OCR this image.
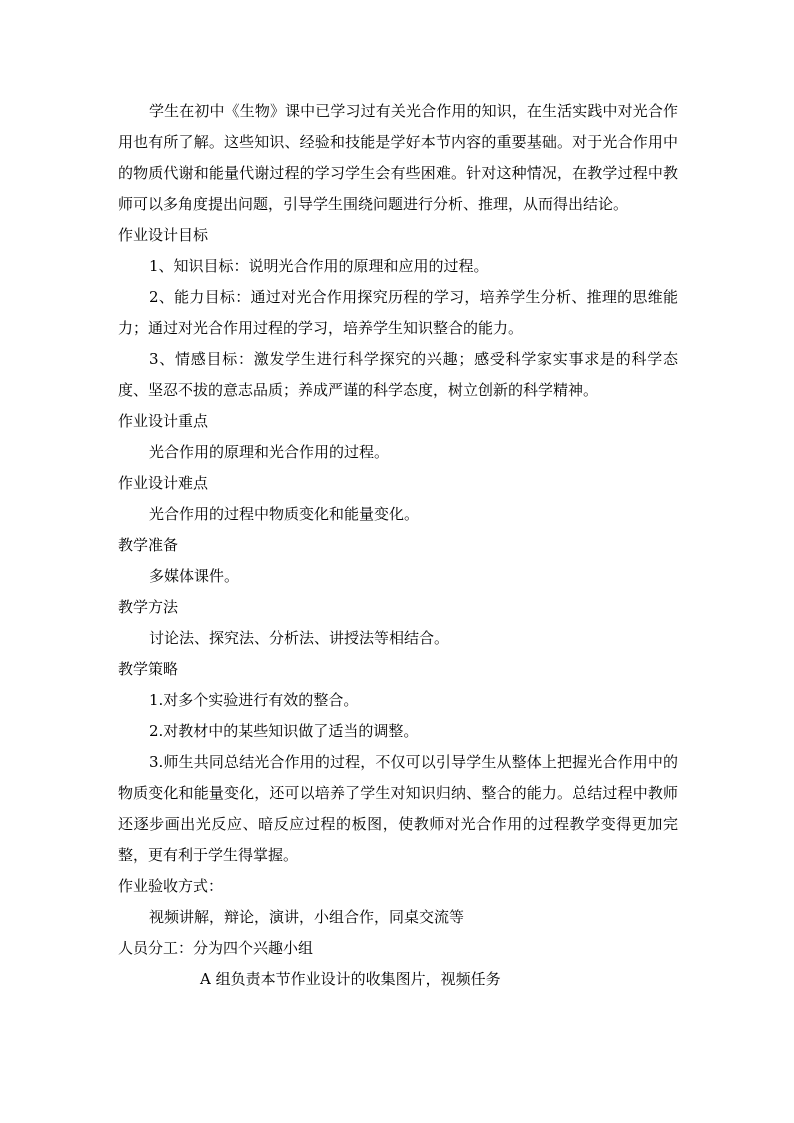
学生在初中《生物》课中已学习过有关光合作用的知识，在生活实践中对光合作用也有所了解。这些知识、经验和技能是学好本节内容的重要基础。对于光合作用中的物质代谢和能量代谢过程的学习学生会有些困难。针对这种情况，在教学过程中教师可以多角度提出问题，引导学生围绕问题进行分析、推理，从而得出结论。

作业设计目标

1、知识目标：说明光合作用的原理和应用的过程。

2、能力目标：通过对光合作用探究历程的学习，培养学生分析、推理的思维能力；通过对光合作用过程的学习，培养学生知识整合的能力。

3、情感目标：激发学生进行科学探究的兴趣；感受科学家实事求是的科学态度、坚忍不拔的意志品质；养成严谨的科学态度，树立创新的科学精神。

作业设计重点

光合作用的原理和光合作用的过程。

作业设计难点

光合作用的过程中物质变化和能量变化。

教学准备

多媒体课件。

教学方法

讨论法、探究法、分析法、讲授法等相结合。

教学策略

1.对多个实验进行有效的整合。

2.对教材中的某些知识做了适当的调整。

3.师生共同总结光合作用的过程，不仅可以引导学生从整体上把握光合作用中的物质变化和能量变化，还可以培养了学生对知识归纳、整合的能力。总结过程中教师还逐步画出光反应、暗反应过程的板图，使教师对光合作用的过程教学变得更加完整，更有利于学生得掌握。

作业验收方式：

视频讲解，辩论，演讲，小组合作，同桌交流等

人员分工：分为四个兴趣小组

A 组负责本节作业设计的收集图片，视频任务
